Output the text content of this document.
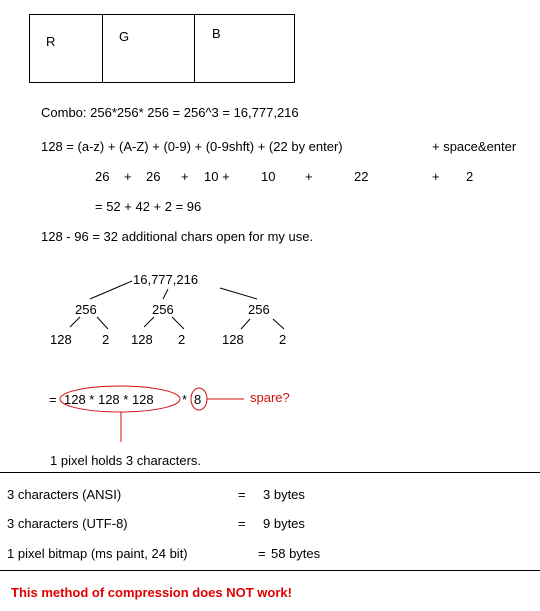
R	G	B
Combo: 256*256* 256 = 256^3 = 16,777,216
128 = (a-z) + (A-Z) + (0-9) + (0-9shft) + (22 by enter)	+ space&enter
26 + 26 + 10 + 10 +	22	+ 2
= 52 + 42 + 2 = 96
128 - 96 = 32 additional chars open for my use.
16,777,216
256	256	256
128 2 128 2	128	2
= 128 * 128 * 128 * 8	spare?
1 pixel holds 3 characters.
3 characters (ANSI)	= 3 bytes
3 characters (UTF-8)	= 9 bytes
1 pixel bitmap (ms paint, 24 bit)	= 58 bytes
This method of compression does NOT work!
